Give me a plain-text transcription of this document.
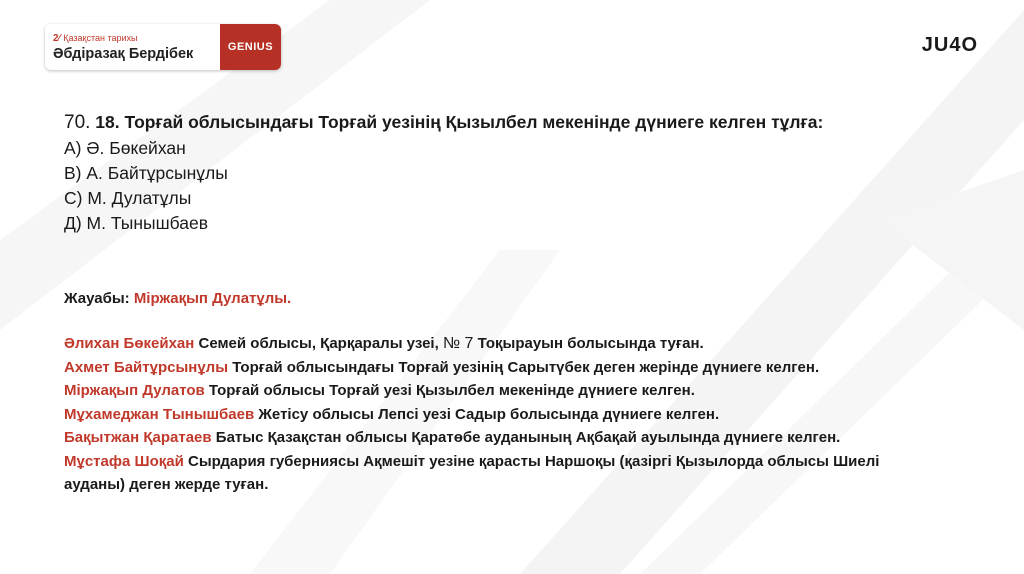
2⁄ Қазақстан тарихы
Әбдіразақ Бердібек	GENIUS	JU4O
70. 18. Торғай облысындағы Торғай уезінің Қызылбел мекенінде дүниеге келген тұлға:
А) Ә. Бөкейхан
В) А. Байтұрсынұлы
С) М. Дулатұлы
Д) М. Тынышбаев
Жауабы: Міржақып Дулатұлы.
Әлихан Бөкейхан Семей облысы, Қарқаралы узеі, № 7 Тоқырауын болысында туған.
Ахмет Байтұрсынұлы Торғай облысындағы Торғай уезінің Сарытүбек деген жерінде дүниеге келген.
Міржақып Дулатов Торғай облысы Торғай уезі Қызылбел мекенінде дүниеге келген.
Мұхамеджан Тынышбаев Жетісу облысы Лепсі уезі Садыр болысында дүниеге келген.
Бақытжан Қаратаев Батыс Қазақстан облысы Қаратөбе ауданының Ақбақай ауылында дүниеге келген.
Мұстафа Шоқай Сырдария губерниясы Ақмешіт уезіне қарасты Наршоқы (қазіргі Қызылорда облысы Шиелі ауданы) деген жерде туған.
